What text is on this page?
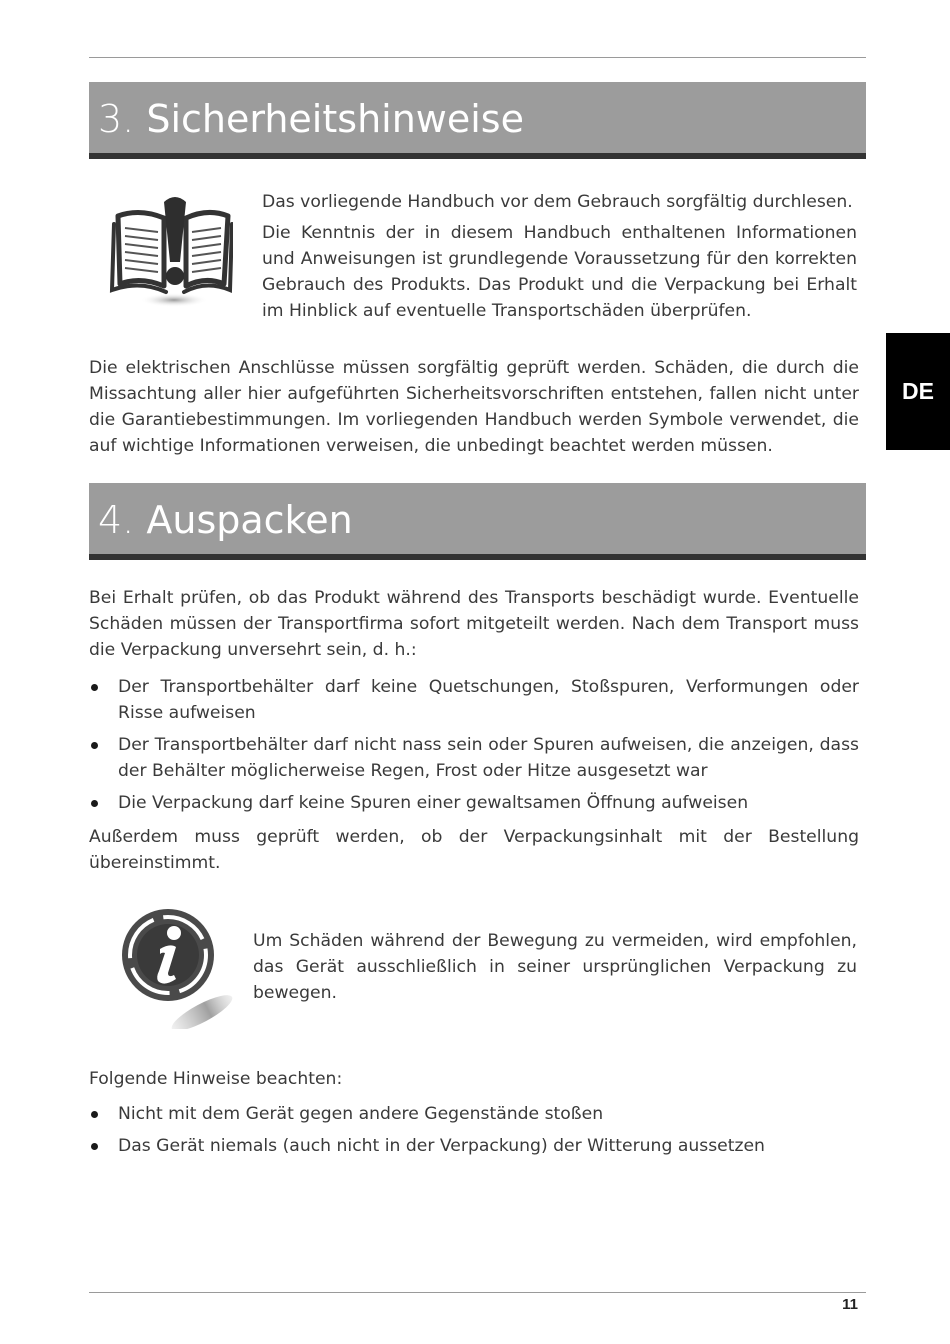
3. Sicherheitshinweise

Das vorliegende Handbuch vor dem Gebrauch sorgfältig durchlesen.

Die Kenntnis der in diesem Handbuch enthaltenen Informationen und Anweisungen ist grundlegende Voraussetzung für den korrekten Gebrauch des Produkts. Das Produkt und die Verpackung bei Erhalt im Hinblick auf eventuelle Transportschäden überprüfen.

Die elektrischen Anschlüsse müssen sorgfältig geprüft werden. Schäden, die durch die Missachtung aller hier aufgeführten Sicherheitsvorschriften entstehen, fallen nicht unter die Garantiebestimmungen. Im vorliegenden Handbuch werden Symbole verwendet, die auf wichtige Informationen verweisen, die unbedingt beachtet werden müssen.

DE
4. Auspacken

Bei Erhalt prüfen, ob das Produkt während des Transports beschädigt wurde. Eventuelle Schäden müssen der Transportfirma sofort mitgeteilt werden. Nach dem Transport muss die Verpackung unversehrt sein, d. h.:

Der Transportbehälter darf keine Quetschungen, Stoßspuren, Verformungen oder Risse aufweisen
Der Transportbehälter darf nicht nass sein oder Spuren aufweisen, die anzeigen, dass der Behälter möglicherweise Regen, Frost oder Hitze ausgesetzt war
Die Verpackung darf keine Spuren einer gewaltsamen Öffnung aufweisen

Außerdem muss geprüft werden, ob der Verpackungsinhalt mit der Bestellung übereinstimmt.

Um Schäden während der Bewegung zu vermeiden, wird empfohlen, das Gerät ausschließlich in seiner ursprünglichen Verpackung zu bewegen.

Folgende Hinweise beachten:

Nicht mit dem Gerät gegen andere Gegenstände stoßen
Das Gerät niemals (auch nicht in der Verpackung) der Witterung aussetzen
11
